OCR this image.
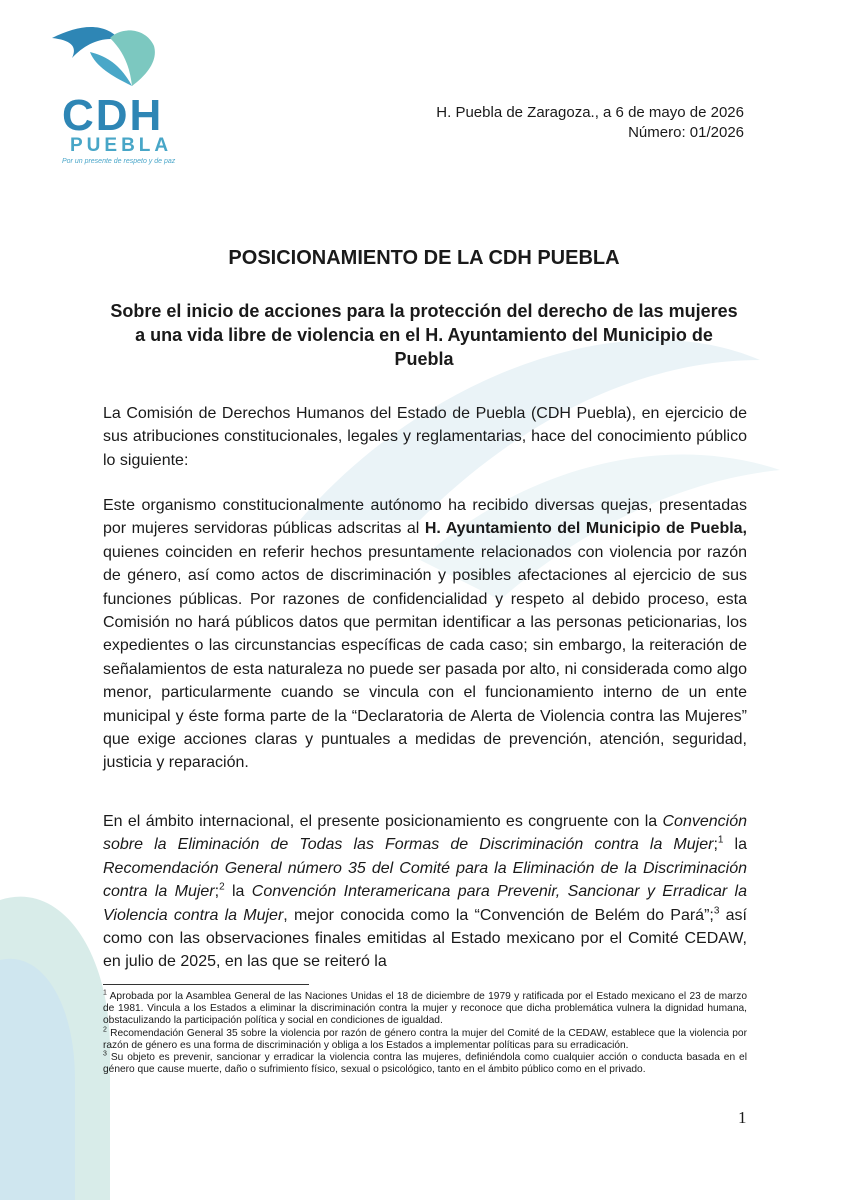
CDH
PUEBLA
Por un presente de respeto y de paz
H. Puebla de Zaragoza., a 6 de mayo de 2026
Número: 01/2026
POSICIONAMIENTO DE LA CDH PUEBLA
Sobre el inicio de acciones para la protección del derecho de las mujeres a una vida libre de violencia en el H. Ayuntamiento del Municipio de Puebla

La Comisión de Derechos Humanos del Estado de Puebla (CDH Puebla), en ejercicio de sus atribuciones constitucionales, legales y reglamentarias, hace del conocimiento público lo siguiente:

Este organismo constitucionalmente autónomo ha recibido diversas quejas, presentadas por mujeres servidoras públicas adscritas al H. Ayuntamiento del Municipio de Puebla, quienes coinciden en referir hechos presuntamente relacionados con violencia por razón de género, así como actos de discriminación y posibles afectaciones al ejercicio de sus funciones públicas. Por razones de confidencialidad y respeto al debido proceso, esta Comisión no hará públicos datos que permitan identificar a las personas peticionarias, los expedientes o las circunstancias específicas de cada caso; sin embargo, la reiteración de señalamientos de esta naturaleza no puede ser pasada por alto, ni considerada como algo menor, particularmente cuando se vincula con el funcionamiento interno de un ente municipal y éste forma parte de la “Declaratoria de Alerta de Violencia contra las Mujeres” que exige acciones claras y puntuales a medidas de prevención, atención, seguridad, justicia y reparación.

En el ámbito internacional, el presente posicionamiento es congruente con la Convención sobre la Eliminación de Todas las Formas de Discriminación contra la Mujer;$^1$ la Recomendación General número 35 del Comité para la Eliminación de la Discriminación contra la Mujer;$^2$ la Convención Interamericana para Prevenir, Sancionar y Erradicar la Violencia contra la Mujer, mejor conocida como la “Convención de Belém do Pará”;$^3$ así como con las observaciones finales emitidas al Estado mexicano por el Comité CEDAW, en julio de 2025, en las que se reiteró la

$^1$ Aprobada por la Asamblea General de las Naciones Unidas el 18 de diciembre de 1979 y ratificada por el Estado mexicano el 23 de marzo de 1981. Vincula a los Estados a eliminar la discriminación contra la mujer y reconoce que dicha problemática vulnera la dignidad humana, obstaculizando la participación política y social en condiciones de igualdad.

$^2$ Recomendación General 35 sobre la violencia por razón de género contra la mujer del Comité de la CEDAW, establece que la violencia por razón de género es una forma de discriminación y obliga a los Estados a implementar políticas para su erradicación.

$^3$ Su objeto es prevenir, sancionar y erradicar la violencia contra las mujeres, definiéndola como cualquier acción o conducta basada en el género que cause muerte, daño o sufrimiento físico, sexual o psicológico, tanto en el ámbito público como en el privado.

1
